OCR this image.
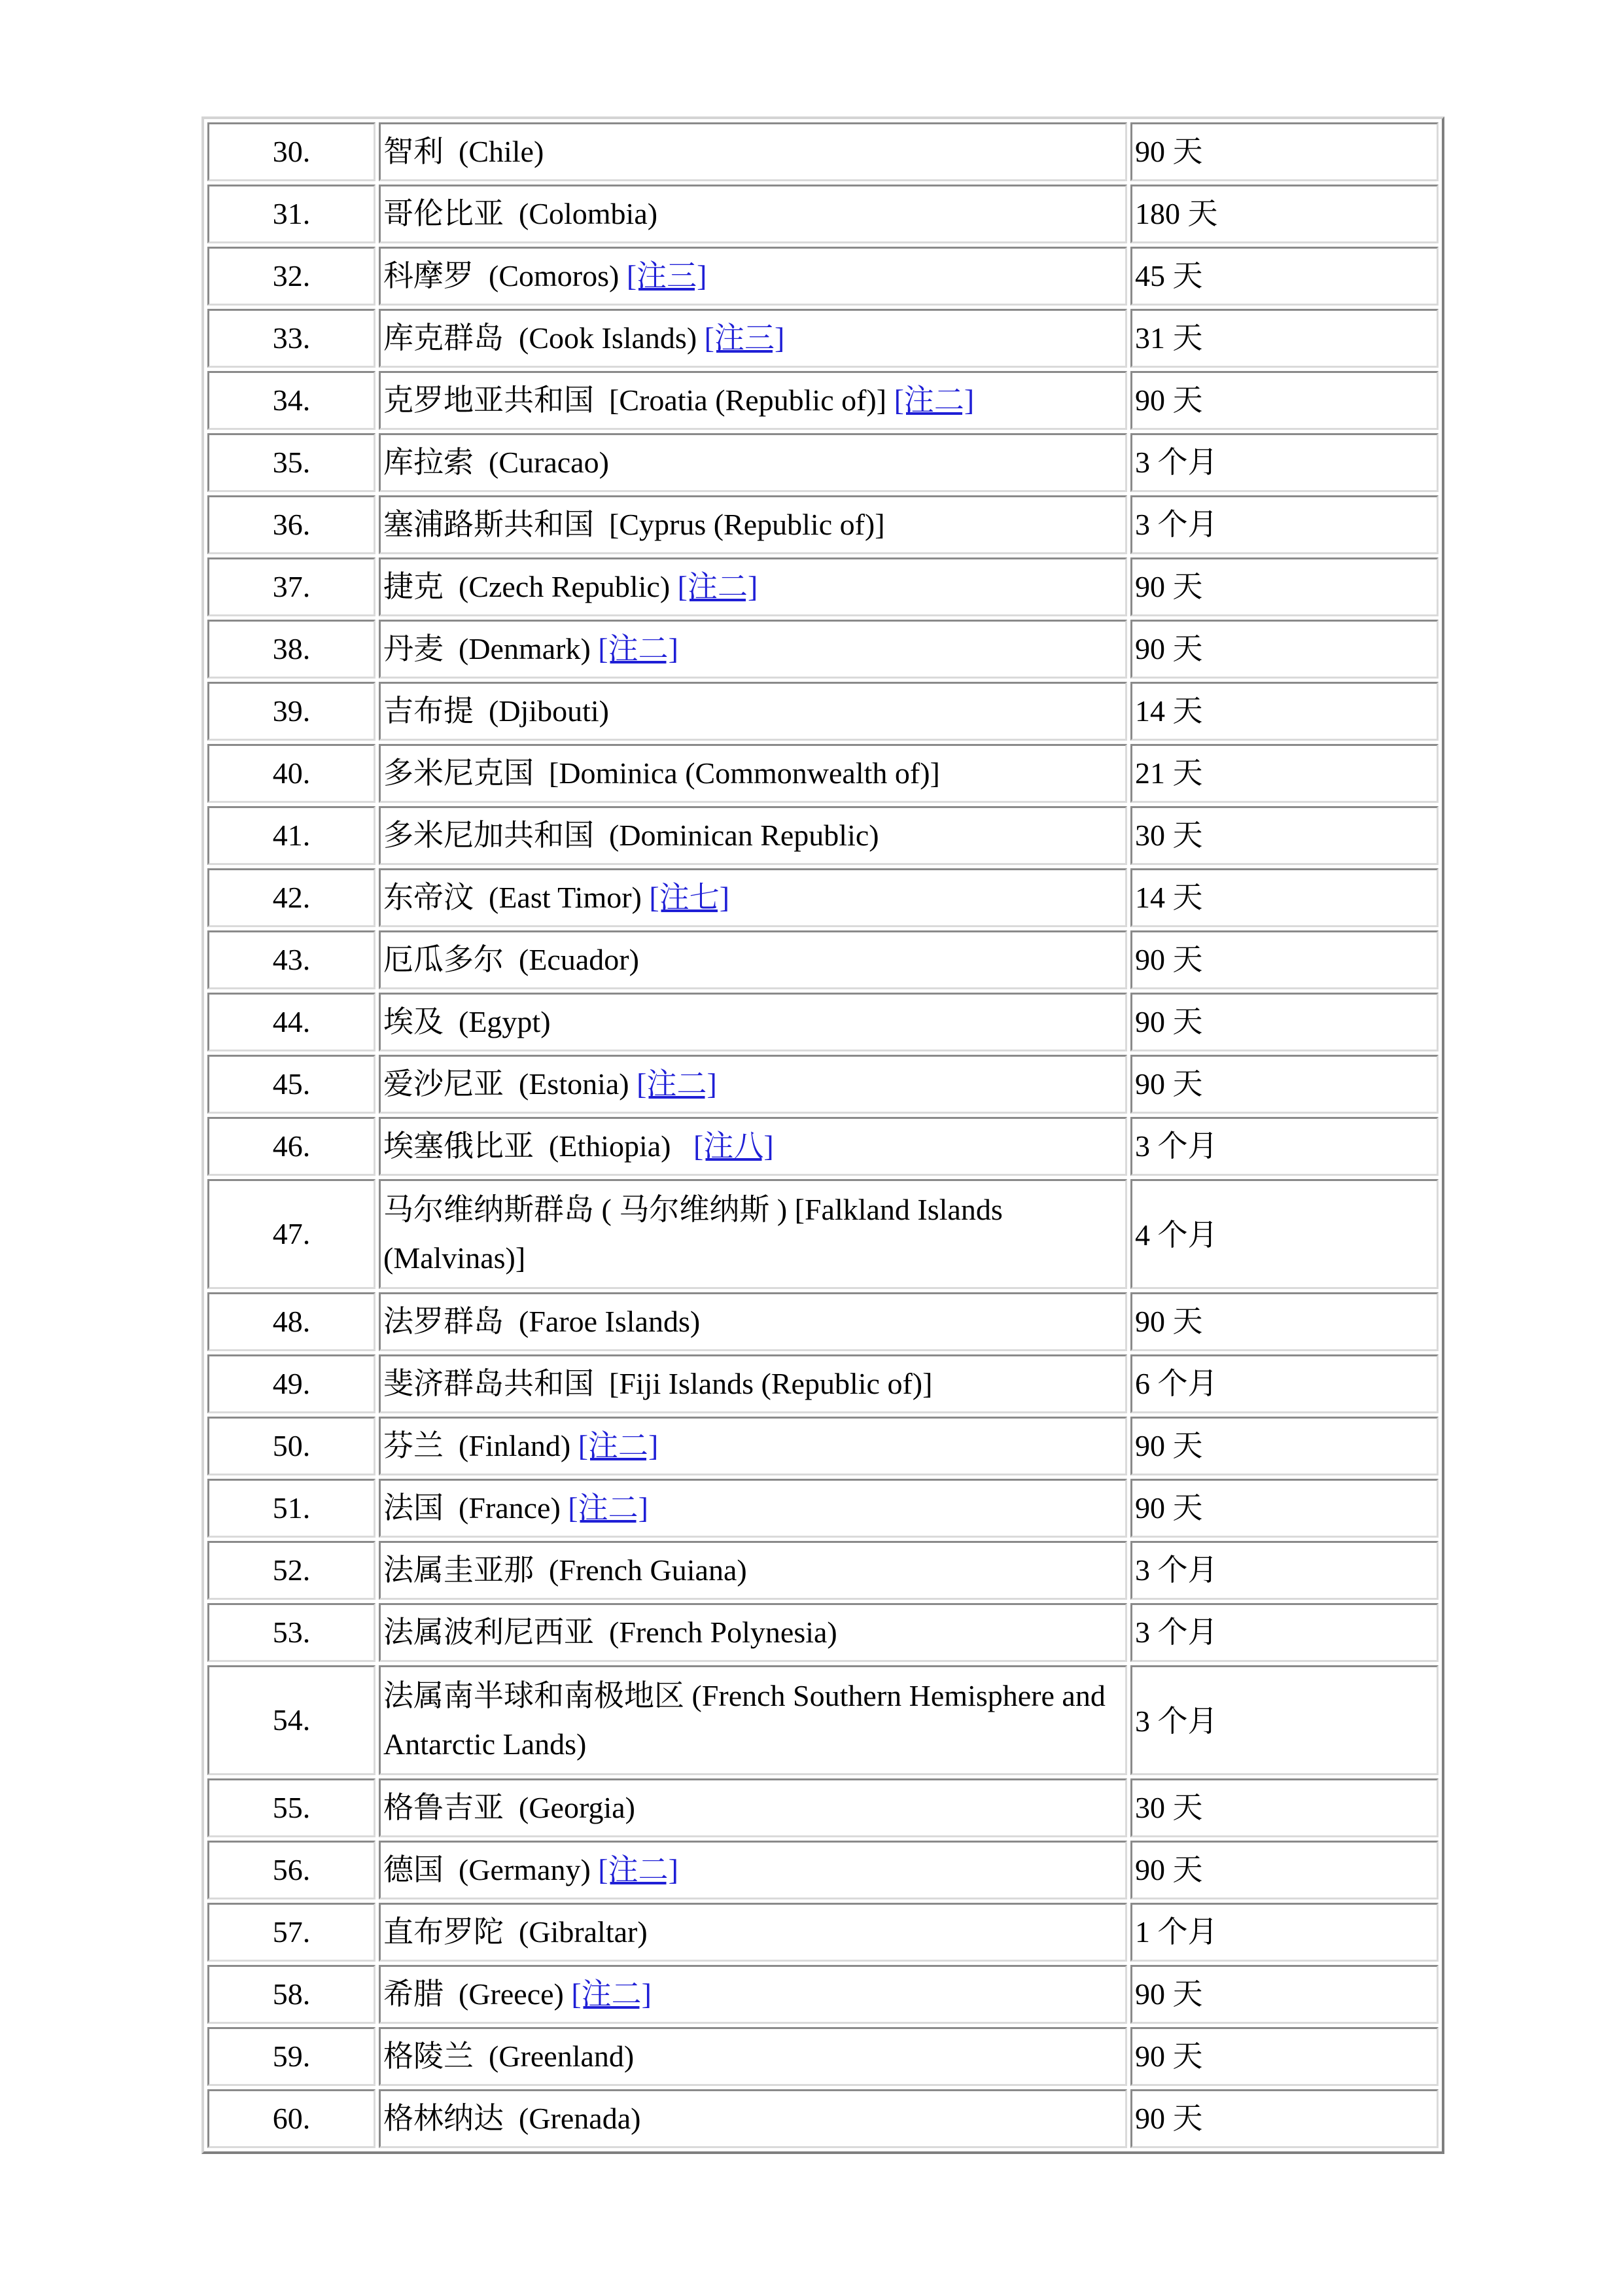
30.	智利  (Chile)	90 天
31.	哥伦比亚  (Colombia)	180 天
32.	科摩罗  (Comoros) [注三]	45 天
33.	库克群岛  (Cook Islands) [注三]	31 天
34.	克罗地亚共和国  [Croatia (Republic of)] [注二]	90 天
35.	库拉索  (Curacao)	3 个月
36.	塞浦路斯共和国  [Cyprus (Republic of)]	3 个月
37.	捷克  (Czech Republic) [注二]	90 天
38.	丹麦  (Denmark) [注二]	90 天
39.	吉布提  (Djibouti)	14 天
40.	多米尼克国  [Dominica (Commonwealth of)]	21 天
41.	多米尼加共和国  (Dominican Republic)	30 天
42.	东帝汶  (East Timor) [注七]	14 天
43.	厄瓜多尔  (Ecuador)	90 天
44.	埃及  (Egypt)	90 天
45.	爱沙尼亚  (Estonia) [注二]	90 天
46.	埃塞俄比亚  (Ethiopia)   [注八]	3 个月
47.	马尔维纳斯群岛 ( 马尔维纳斯 ) [Falkland Islands (Malvinas)]	4 个月
48.	法罗群岛  (Faroe Islands)	90 天
49.	斐济群岛共和国  [Fiji Islands (Republic of)]	6 个月
50.	芬兰  (Finland) [注二]	90 天
51.	法国  (France) [注二]	90 天
52.	法属圭亚那  (French Guiana)	3 个月
53.	法属波利尼西亚  (French Polynesia)	3 个月
54.	法属南半球和南极地区 (French Southern Hemisphere and Antarctic Lands)	3 个月
55.	格鲁吉亚  (Georgia)	30 天
56.	德国  (Germany) [注二]	90 天
57.	直布罗陀  (Gibraltar)	1 个月
58.	希腊  (Greece) [注二]	90 天
59.	格陵兰  (Greenland)	90 天
60.	格林纳达  (Grenada)	90 天
